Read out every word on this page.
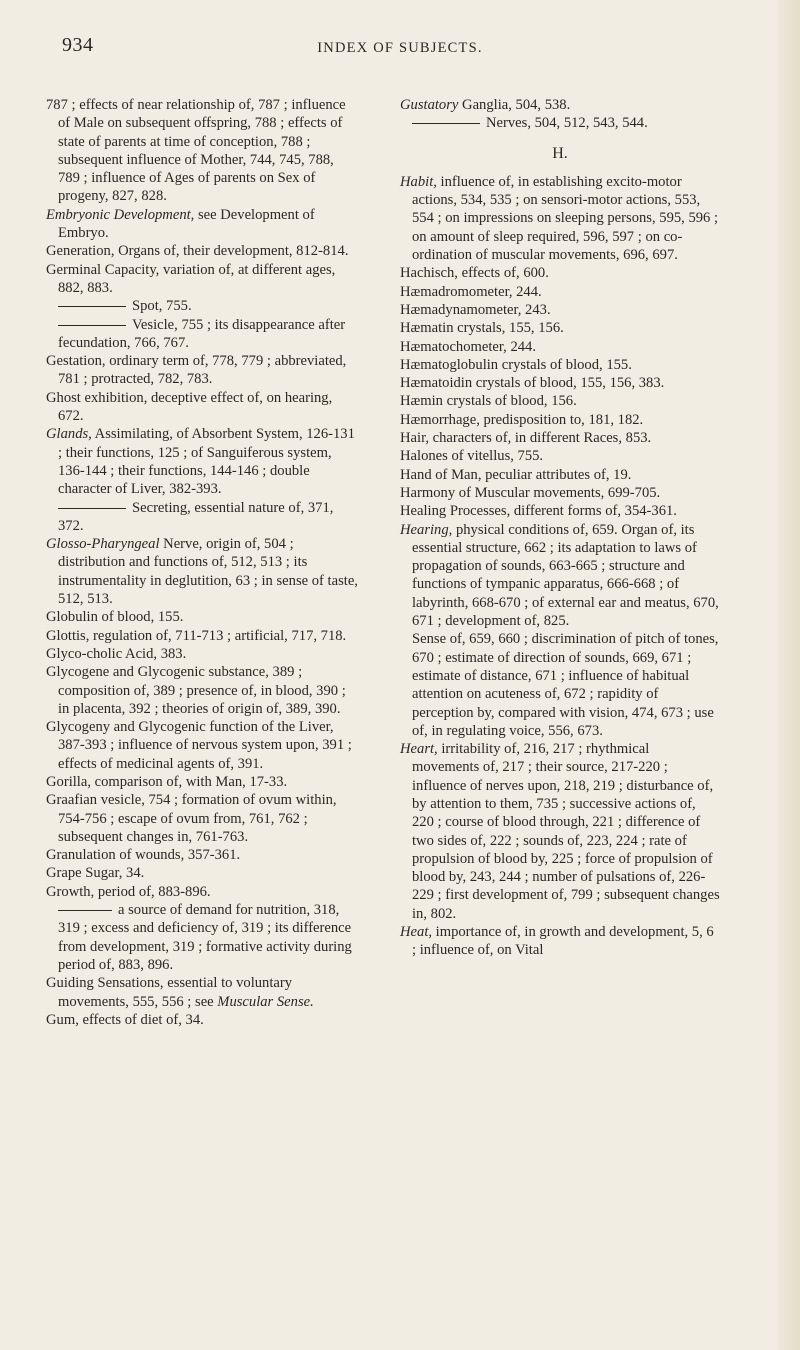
934	INDEX OF SUBJECTS.

787 ; effects of near relationship of, 787 ; influence of Male on subsequent offspring, 788 ; effects of state of parents at time of conception, 788 ; subsequent influence of Mother, 744, 745, 788, 789 ; influence of Ages of parents on Sex of progeny, 827, 828.

Embryonic Development, see Development of Embryo.

Generation, Organs of, their development, 812-814.

Germinal Capacity, variation of, at different ages, 882, 883.

Spot, 755.

Vesicle, 755 ; its disappearance after fecundation, 766, 767.

Gestation, ordinary term of, 778, 779 ; abbreviated, 781 ; protracted, 782, 783.

Ghost exhibition, deceptive effect of, on hearing, 672.

Glands, Assimilating, of Absorbent System, 126-131 ; their functions, 125 ; of Sanguiferous system, 136-144 ; their functions, 144-146 ; double character of Liver, 382-393.

Secreting, essential nature of, 371, 372.

Glosso-Pharyngeal Nerve, origin of, 504 ; distribution and functions of, 512, 513 ; its instrumentality in deglutition, 63 ; in sense of taste, 512, 513.

Globulin of blood, 155.

Glottis, regulation of, 711-713 ; artificial, 717, 718.

Glyco-cholic Acid, 383.

Glycogene and Glycogenic substance, 389 ; composition of, 389 ; presence of, in blood, 390 ; in placenta, 392 ; theories of origin of, 389, 390.

Glycogeny and Glycogenic function of the Liver, 387-393 ; influence of nervous system upon, 391 ; effects of medicinal agents of, 391.

Gorilla, comparison of, with Man, 17-33.

Graafian vesicle, 754 ; formation of ovum within, 754-756 ; escape of ovum from, 761, 762 ; subsequent changes in, 761-763.

Granulation of wounds, 357-361.

Grape Sugar, 34.

Growth, period of, 883-896.

a source of demand for nutrition, 318, 319 ; excess and deficiency of, 319 ; its difference from development, 319 ; formative activity during period of, 883, 896.

Guiding Sensations, essential to voluntary movements, 555, 556 ; see Muscular Sense.

Gum, effects of diet of, 34.

Gustatory Ganglia, 504, 538.

Nerves, 504, 512, 543, 544.

H.

Habit, influence of, in establishing excito-motor actions, 534, 535 ; on sensori-motor actions, 553, 554 ; on impressions on sleeping persons, 595, 596 ; on amount of sleep required, 596, 597 ; on co-ordination of muscular movements, 696, 697.

Hachisch, effects of, 600.

Hæmadromometer, 244.

Hæmadynamometer, 243.

Hæmatin crystals, 155, 156.

Hæmatochometer, 244.

Hæmatoglobulin crystals of blood, 155.

Hæmatoidin crystals of blood, 155, 156, 383.

Hæmin crystals of blood, 156.

Hæmorrhage, predisposition to, 181, 182.

Hair, characters of, in different Races, 853.

Halones of vitellus, 755.

Hand of Man, peculiar attributes of, 19.

Harmony of Muscular movements, 699-705.

Healing Processes, different forms of, 354-361.

Hearing, physical conditions of, 659. Organ of, its essential structure, 662 ; its adaptation to laws of propagation of sounds, 663-665 ; structure and functions of tympanic apparatus, 666-668 ; of labyrinth, 668-670 ; of external ear and meatus, 670, 671 ; development of, 825.

Sense of, 659, 660 ; discrimination of pitch of tones, 670 ; estimate of direction of sounds, 669, 671 ; estimate of distance, 671 ; influence of habitual attention on acuteness of, 672 ; rapidity of perception by, compared with vision, 474, 673 ; use of, in regulating voice, 556, 673.

Heart, irritability of, 216, 217 ; rhythmical movements of, 217 ; their source, 217-220 ; influence of nerves upon, 218, 219 ; disturbance of, by attention to them, 735 ; successive actions of, 220 ; course of blood through, 221 ; difference of two sides of, 222 ; sounds of, 223, 224 ; rate of propulsion of blood by, 225 ; force of propulsion of blood by, 243, 244 ; number of pulsations of, 226-229 ; first development of, 799 ; subsequent changes in, 802.

Heat, importance of, in growth and development, 5, 6 ; influence of, on Vital
